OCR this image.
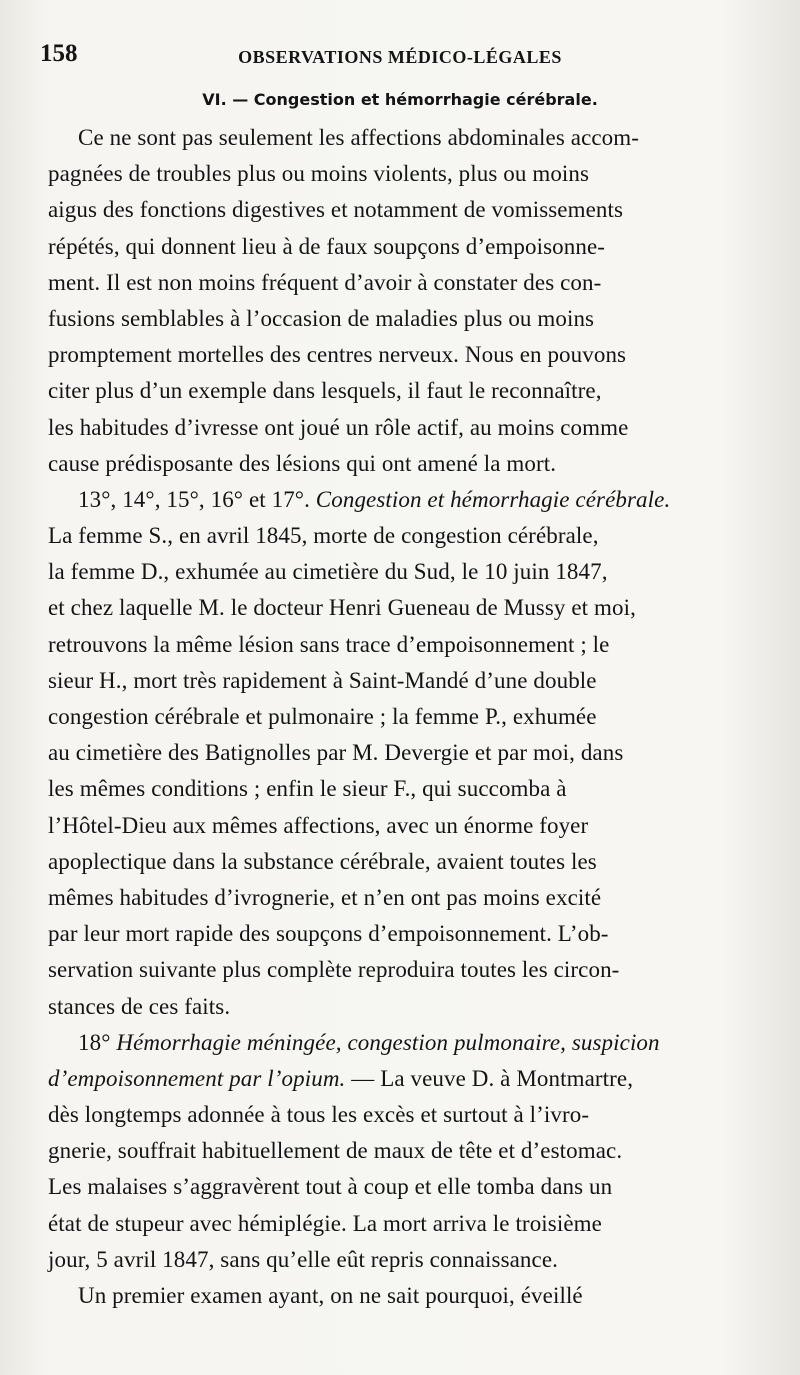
158	OBSERVATIONS MÉDICO-LÉGALES
VI. — Congestion et hémorrhagie cérébrale.
Ce ne sont pas seulement les affections abdominales accom-
pagnées de troubles plus ou moins violents, plus ou moins
aigus des fonctions digestives et notamment de vomissements
répétés, qui donnent lieu à de faux soupçons d’empoisonne-
ment. Il est non moins fréquent d’avoir à constater des con-
fusions semblables à l’occasion de maladies plus ou moins
promptement mortelles des centres nerveux. Nous en pouvons
citer plus d’un exemple dans lesquels, il faut le reconnaître,
les habitudes d’ivresse ont joué un rôle actif, au moins comme
cause prédisposante des lésions qui ont amené la mort.
13°, 14°, 15°, 16° et 17°. Congestion et hémorrhagie cérébrale.
La femme S., en avril 1845, morte de congestion cérébrale,
la femme D., exhumée au cimetière du Sud, le 10 juin 1847,
et chez laquelle M. le docteur Henri Gueneau de Mussy et moi,
retrouvons la même lésion sans trace d’empoisonnement ; le
sieur H., mort très rapidement à Saint-Mandé d’une double
congestion cérébrale et pulmonaire ; la femme P., exhumée
au cimetière des Batignolles par M. Devergie et par moi, dans
les mêmes conditions ; enfin le sieur F., qui succomba à
l’Hôtel-Dieu aux mêmes affections, avec un énorme foyer
apoplectique dans la substance cérébrale, avaient toutes les
mêmes habitudes d’ivrognerie, et n’en ont pas moins excité
par leur mort rapide des soupçons d’empoisonnement. L’ob-
servation suivante plus complète reproduira toutes les circon-
stances de ces faits.
18° Hémorrhagie méningée, congestion pulmonaire, suspicion
d’empoisonnement par l’opium. — La veuve D. à Montmartre,
dès longtemps adonnée à tous les excès et surtout à l’ivro-
gnerie, souffrait habituellement de maux de tête et d’estomac.
Les malaises s’aggravèrent tout à coup et elle tomba dans un
état de stupeur avec hémiplégie. La mort arriva le troisième
jour, 5 avril 1847, sans qu’elle eût repris connaissance.
Un premier examen ayant, on ne sait pourquoi, éveillé
